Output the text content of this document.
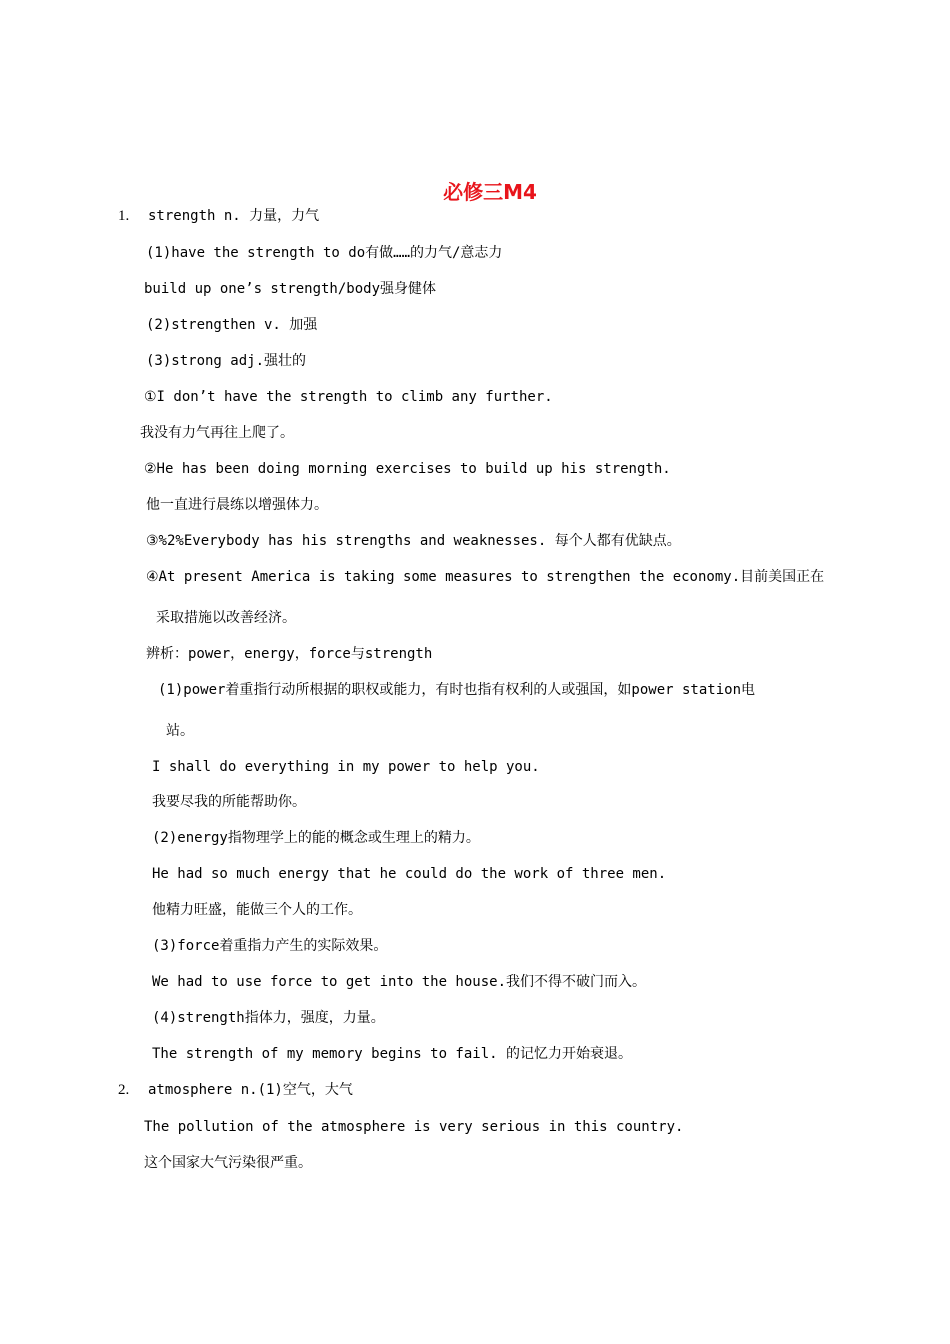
必修三M4
1. strength n. 力量，力气
(1)have the strength to do有做……的力气/意志力
build up one’s strength/body强身健体
(2)strengthen v. 加强
(3)strong adj.强壮的
①I don’t have the strength to climb any further.
我没有力气再往上爬了。
②He has been doing morning exercises to build up his strength.
他一直进行晨练以增强体力。
③%2%Everybody has his strengths and weaknesses. 每个人都有优缺点。
④At present America is taking some measures to strengthen the economy.目前美国正在
采取措施以改善经济。
辨析：power，energy，force与strength
(1)power着重指行动所根据的职权或能力，有时也指有权利的人或强国，如power station电
站。
I shall do everything in my power to help you.
我要尽我的所能帮助你。
(2)energy指物理学上的能的概念或生理上的精力。
He had so much energy that he could do the work of three men.
他精力旺盛，能做三个人的工作。
(3)force着重指力产生的实际效果。
We had to use force to get into the house.我们不得不破门而入。
(4)strength指体力，强度，力量。
The strength of my memory begins to fail. 的记忆力开始衰退。
2. atmosphere n.(1)空气，大气
The pollution of the atmosphere is very serious in this country.
这个国家大气污染很严重。
